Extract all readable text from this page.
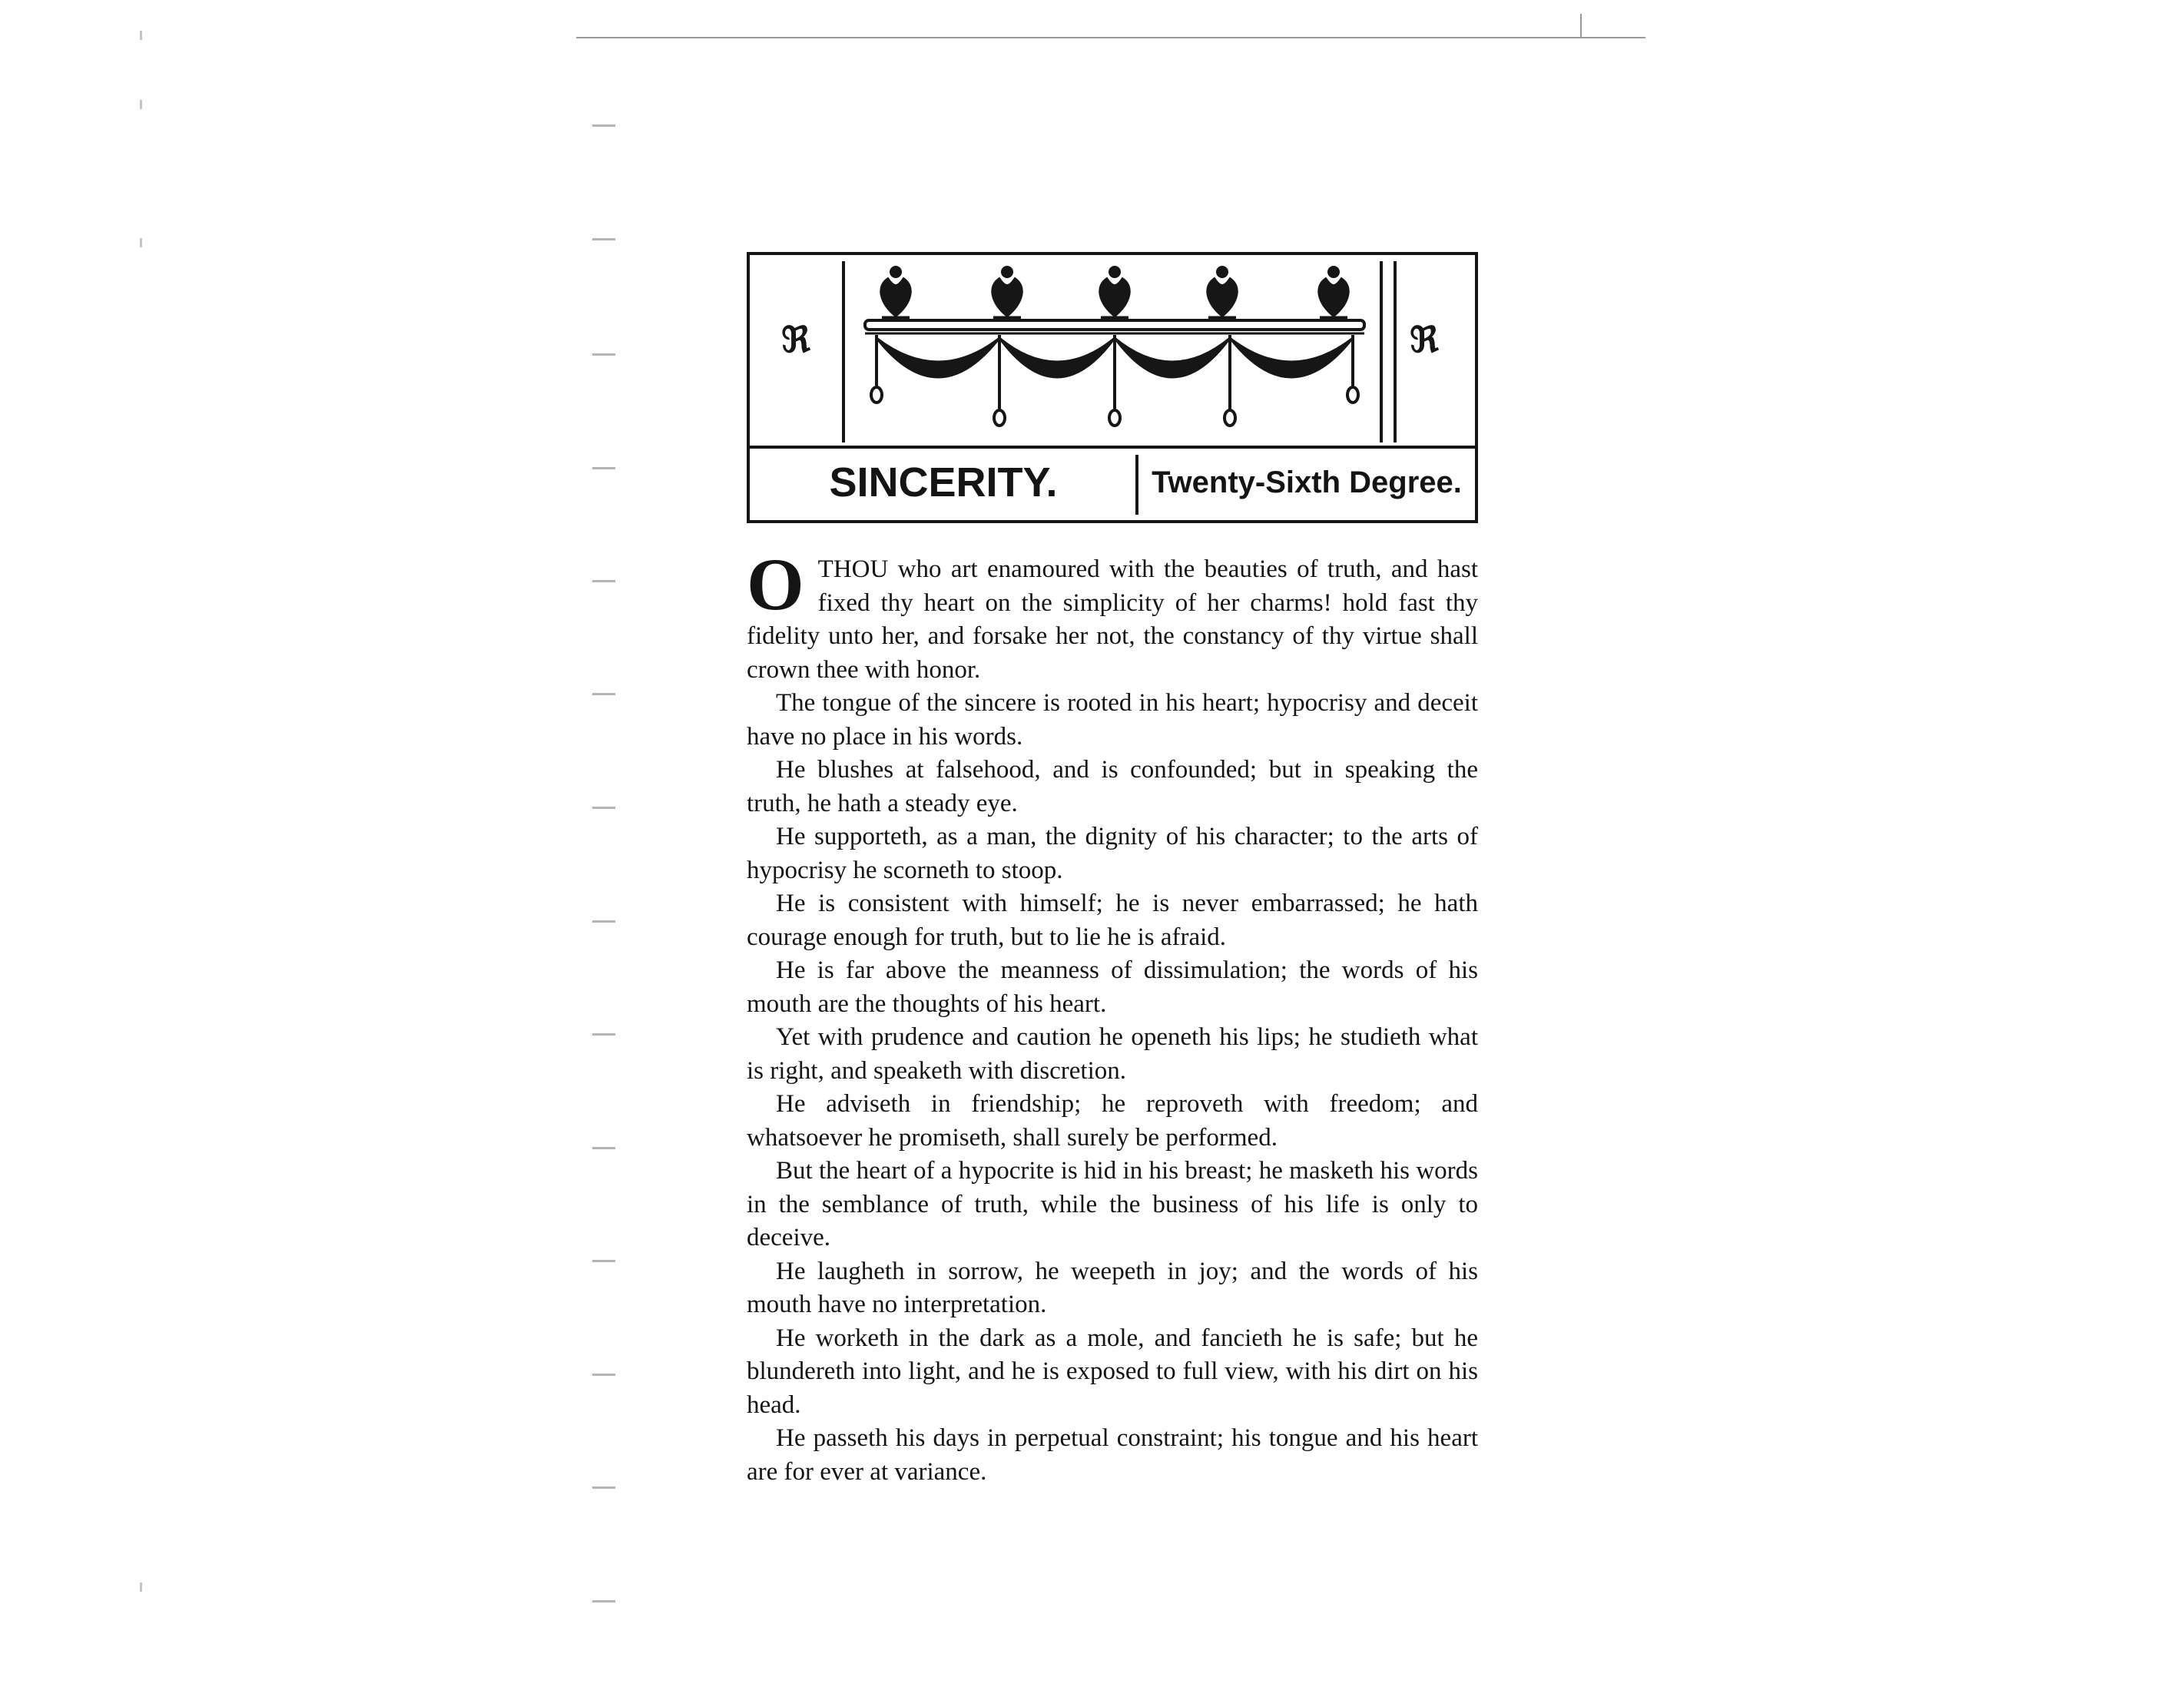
ℜ	ℜ
SINCERITY.	Twenty-Sixth Degree.

OTHOU who art enamoured with the beauties of truth, and hast fixed thy heart on the simplicity of her charms! hold fast thy fidelity unto her, and forsake her not, the constancy of thy virtue shall crown thee with honor.

The tongue of the sincere is rooted in his heart; hypocrisy and deceit have no place in his words.

He blushes at falsehood, and is confounded; but in speaking the truth, he hath a steady eye.

He supporteth, as a man, the dignity of his character; to the arts of hypocrisy he scorneth to stoop.

He is consistent with himself; he is never embarrassed; he hath courage enough for truth, but to lie he is afraid.

He is far above the meanness of dissimulation; the words of his mouth are the thoughts of his heart.

Yet with prudence and caution he openeth his lips; he studieth what is right, and speaketh with discretion.

He adviseth in friendship; he reproveth with freedom; and whatsoever he promiseth, shall surely be performed.

But the heart of a hypocrite is hid in his breast; he masketh his words in the semblance of truth, while the business of his life is only to deceive.

He laugheth in sorrow, he weepeth in joy; and the words of his mouth have no interpretation.

He worketh in the dark as a mole, and fancieth he is safe; but he blundereth into light, and he is exposed to full view, with his dirt on his head.

He passeth his days in perpetual constraint; his tongue and his heart are for ever at variance.
